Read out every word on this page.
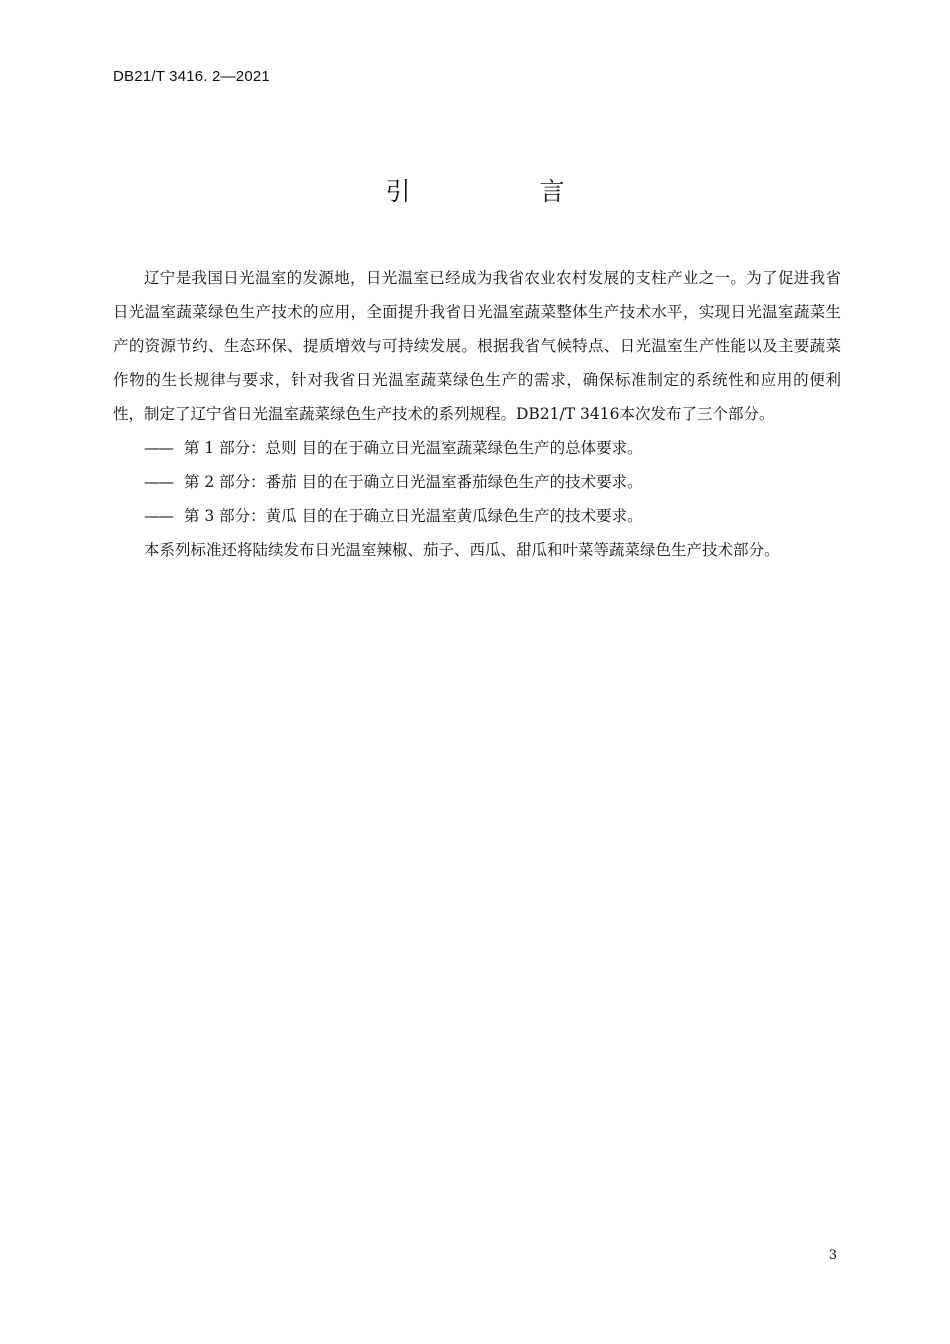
DB21/T 3416. 2—2021
引　言

辽宁是我国日光温室的发源地，日光温室已经成为我省农业农村发展的支柱产业之一。为了促进我省日光温室蔬菜绿色生产技术的应用，全面提升我省日光温室蔬菜整体生产技术水平，实现日光温室蔬菜生产的资源节约、生态环保、提质增效与可持续发展。根据我省气候特点、日光温室生产性能以及主要蔬菜作物的生长规律与要求，针对我省日光温室蔬菜绿色生产的需求，确保标准制定的系统性和应用的便利性，制定了辽宁省日光温室蔬菜绿色生产技术的系列规程。DB21/T 3416本次发布了三个部分。

—— 第 1 部分：总则 目的在于确立日光温室蔬菜绿色生产的总体要求。

—— 第 2 部分：番茄 目的在于确立日光温室番茄绿色生产的技术要求。

—— 第 3 部分：黄瓜 目的在于确立日光温室黄瓜绿色生产的技术要求。

本系列标准还将陆续发布日光温室辣椒、茄子、西瓜、甜瓜和叶菜等蔬菜绿色生产技术部分。

3
